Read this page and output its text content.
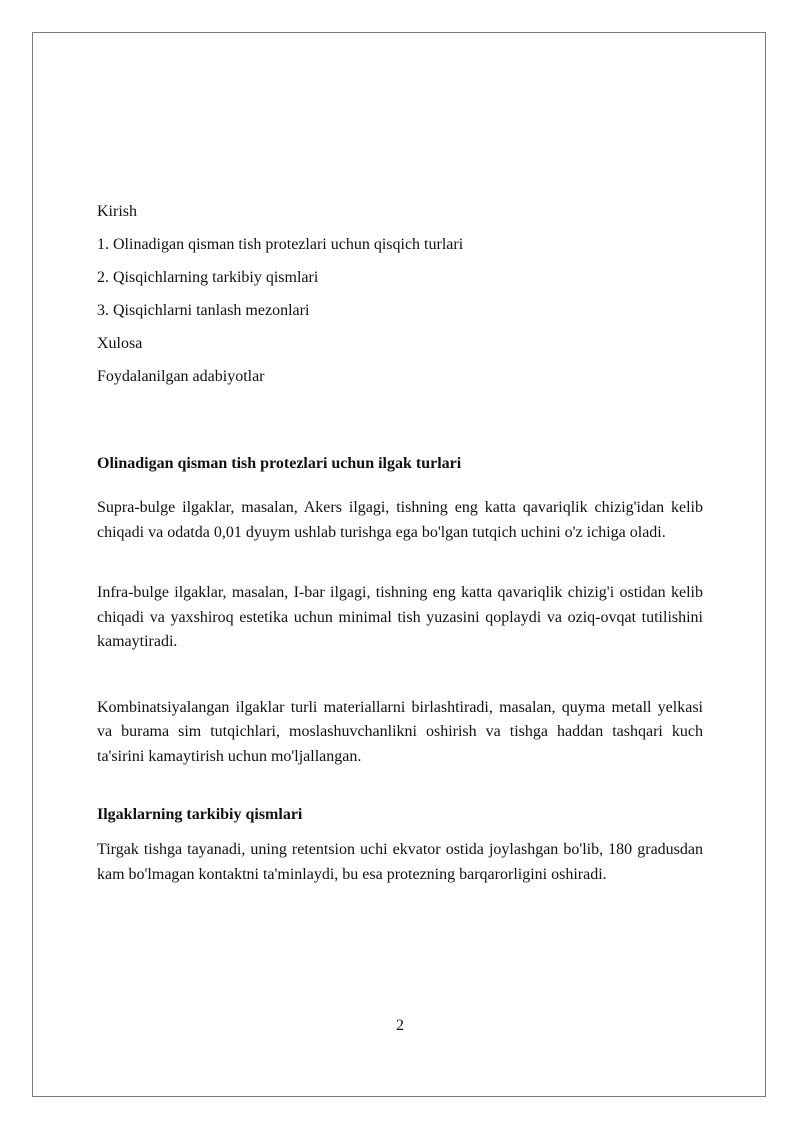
Kirish

1. Olinadigan qisman tish protezlari uchun qisqich turlari

2. Qisqichlarning tarkibiy qismlari

3. Qisqichlarni tanlash mezonlari

Xulosa

Foydalanilgan adabiyotlar

Olinadigan qisman tish protezlari uchun ilgak turlari

Supra-bulge ilgaklar, masalan, Akers ilgagi, tishning eng katta qavariqlik chizig'idan kelib chiqadi va odatda 0,01 dyuym ushlab turishga ega bo'lgan tutqich uchini o'z ichiga oladi.

Infra-bulge ilgaklar, masalan, I-bar ilgagi, tishning eng katta qavariqlik chizig'i ostidan kelib chiqadi va yaxshiroq estetika uchun minimal tish yuzasini qoplaydi va oziq-ovqat tutilishini kamaytiradi.

Kombinatsiyalangan ilgaklar turli materiallarni birlashtiradi, masalan, quyma metall yelkasi va burama sim tutqichlari, moslashuvchanlikni oshirish va tishga haddan tashqari kuch ta'sirini kamaytirish uchun mo'ljallangan.

Ilgaklarning tarkibiy qismlari

Tirgak tishga tayanadi, uning retentsion uchi ekvator ostida joylashgan bo'lib, 180 gradusdan kam bo'lmagan kontaktni ta'minlaydi, bu esa protezning barqarorligini oshiradi.

2
